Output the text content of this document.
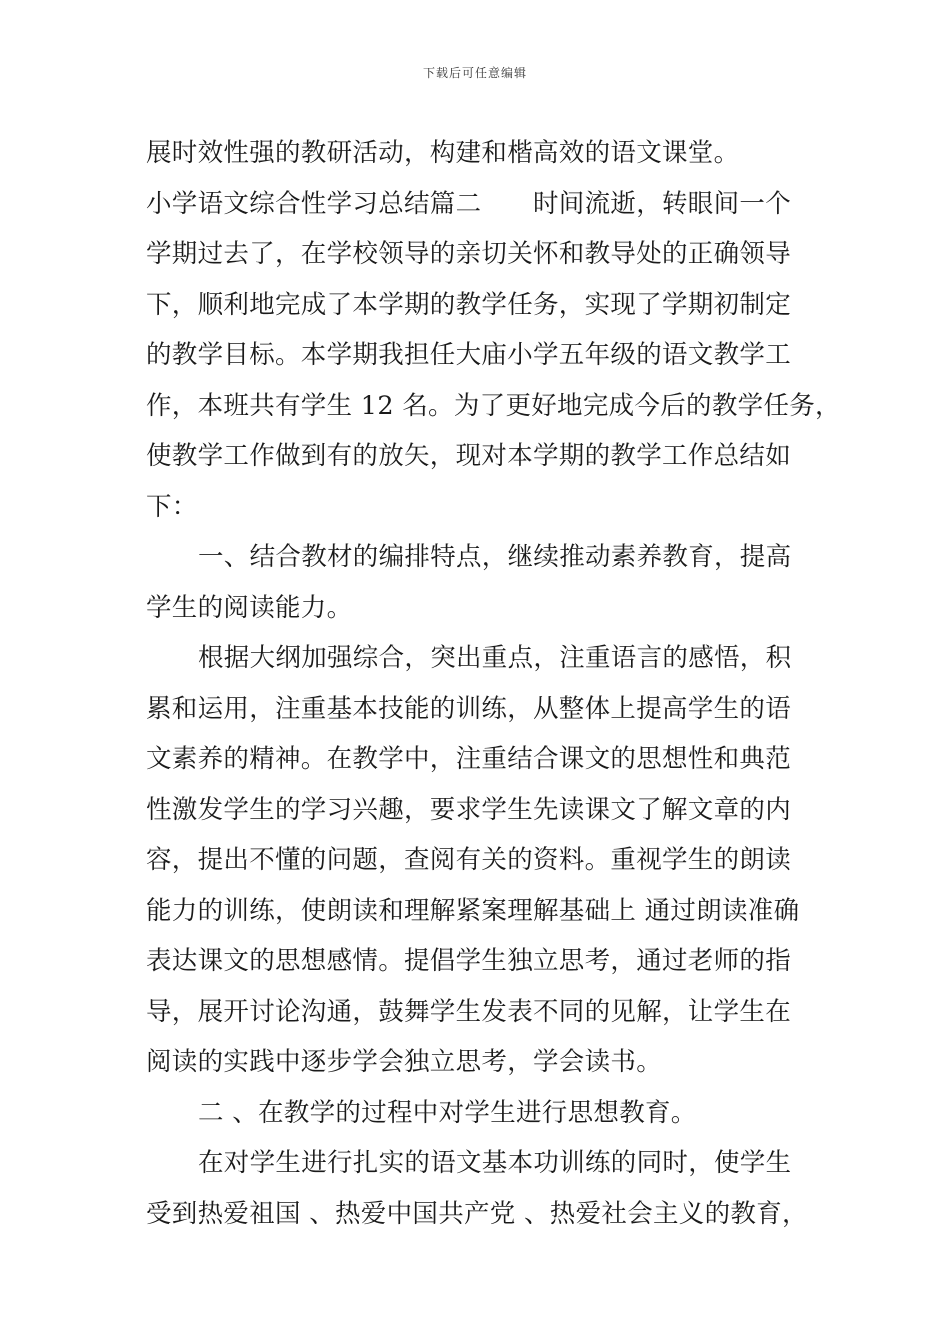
下载后可任意编辑
展时效性强的教研活动，构建和楷高效的语文课堂。
小学语文综合性学习总结篇二　　时间流逝，转眼间一个
学期过去了，在学校领导的亲切关怀和教导处的正确领导
下，顺利地完成了本学期的教学任务，实现了学期初制定
的教学目标。本学期我担任大庙小学五年级的语文教学工
作，本班共有学生 12 名。为了更好地完成今后的教学任务，
使教学工作做到有的放矢，现对本学期的教学工作总结如
下：
一、结合教材的编排特点，继续推动素养教育，提高
学生的阅读能力。
根据大纲加强综合，突出重点，注重语言的感悟，积
累和运用，注重基本技能的训练，从整体上提高学生的语
文素养的精神。在教学中，注重结合课文的思想性和典范
性激发学生的学习兴趣，要求学生先读课文了解文章的内
容，提出不懂的问题，查阅有关的资料。重视学生的朗读
能力的训练，使朗读和理解紧案理解基础上 通过朗读准确
表达课文的思想感情。提倡学生独立思考，通过老师的指
导，展开讨论沟通，鼓舞学生发表不同的见解，让学生在
阅读的实践中逐步学会独立思考，学会读书。
二 、在教学的过程中对学生进行思想教育。
在对学生进行扎实的语文基本功训练的同时，使学生
受到热爱祖国 、热爱中国共产党 、热爱社会主义的教育，
